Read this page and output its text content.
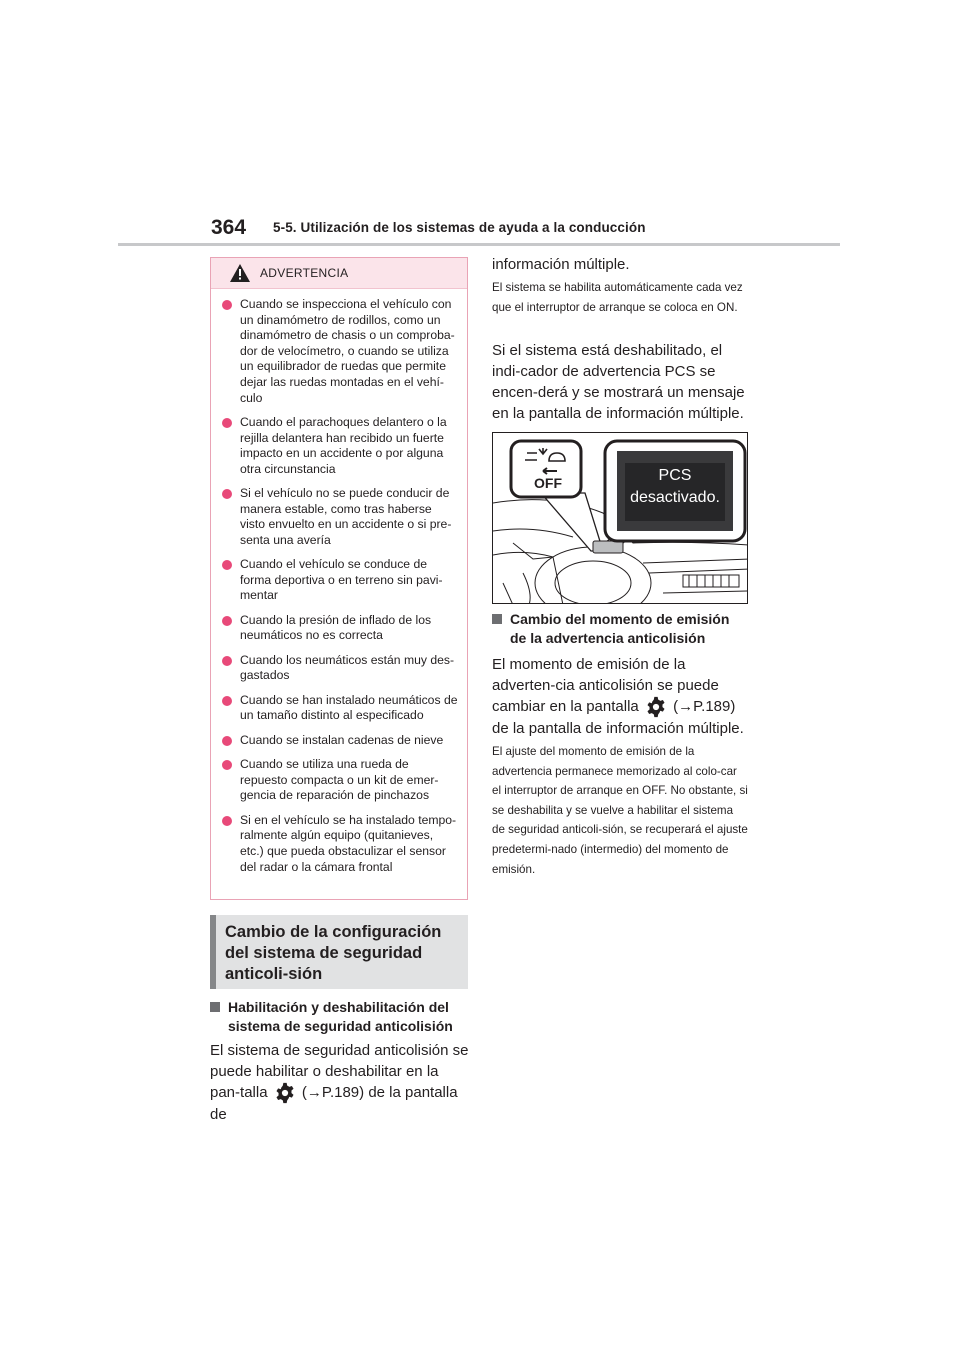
364 5-5. Utilización de los sistemas de ayuda a la conducción
ADVERTENCIA
Cuando se inspecciona el vehículo con un dinamómetro de rodillos, como un dinamómetro de chasis o un comproba-dor de velocímetro, o cuando se utiliza un equilibrador de ruedas que permite dejar las ruedas montadas en el vehí-culo
Cuando el parachoques delantero o la rejilla delantera han recibido un fuerte impacto en un accidente o por alguna otra circunstancia
Si el vehículo no se puede conducir de manera estable, como tras haberse visto envuelto en un accidente o si pre-senta una avería
Cuando el vehículo se conduce de forma deportiva o en terreno sin pavi-mentar
Cuando la presión de inflado de los neumáticos no es correcta
Cuando los neumáticos están muy des-gastados
Cuando se han instalado neumáticos de un tamaño distinto al especificado
Cuando se instalan cadenas de nieve
Cuando se utiliza una rueda de repuesto compacta o un kit de emer-gencia de reparación de pinchazos
Si en el vehículo se ha instalado tempo-ralmente algún equipo (quitanieves, etc.) que pueda obstaculizar el sensor del radar o la cámara frontal
Cambio de la configuración del sistema de seguridad anticoli-sión
Habilitación y deshabilitación del sistema de seguridad anticolisión
El sistema de seguridad anticolisión se puede habilitar o deshabilitar en la pan-talla (→P.189) de la pantalla de
información múltiple.
El sistema se habilita automáticamente cada vez que el interruptor de arranque se coloca en ON.
Si el sistema está deshabilitado, el indi-cador de advertencia PCS se encen-derá y se mostrará un mensaje en la pantalla de información múltiple.
OFF	PCS
desactivado.
Cambio del momento de emisión de la advertencia anticolisión
El momento de emisión de la adverten-cia anticolisión se puede cambiar en la pantalla (→P.189) de la pantalla de información múltiple.
El ajuste del momento de emisión de la advertencia permanece memorizado al colo-car el interruptor de arranque en OFF. No obstante, si se deshabilita y se vuelve a habilitar el sistema de seguridad anticoli-sión, se recuperará el ajuste predetermi-nado (intermedio) del momento de emisión.
